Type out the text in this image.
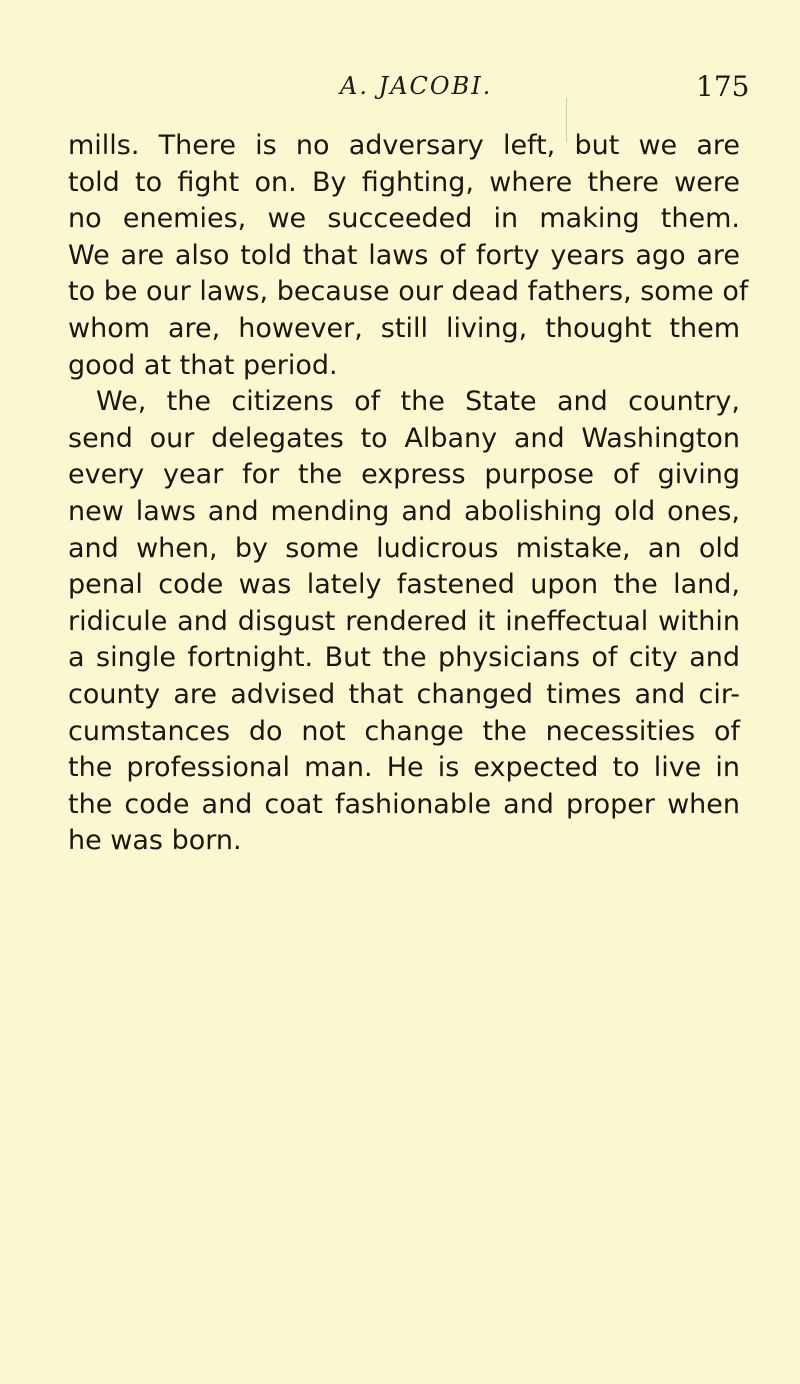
A. JACOBI.	175
mills. There is no adversary left, but we are
told to fight on. By fighting, where there were
no enemies, we succeeded in making them.
We are also told that laws of forty years ago are
to be our laws, because our dead fathers, some of
whom are, however, still living, thought them
good at that period.
We, the citizens of the State and country,
send our delegates to Albany and Washington
every year for the express purpose of giving
new laws and mending and abolishing old ones,
and when, by some ludicrous mistake, an old
penal code was lately fastened upon the land,
ridicule and disgust rendered it ineffectual within
a single fortnight. But the physicians of city and
county are advised that changed times and cir-
cumstances do not change the necessities of
the professional man. He is expected to live in
the code and coat fashionable and proper when
he was born.
